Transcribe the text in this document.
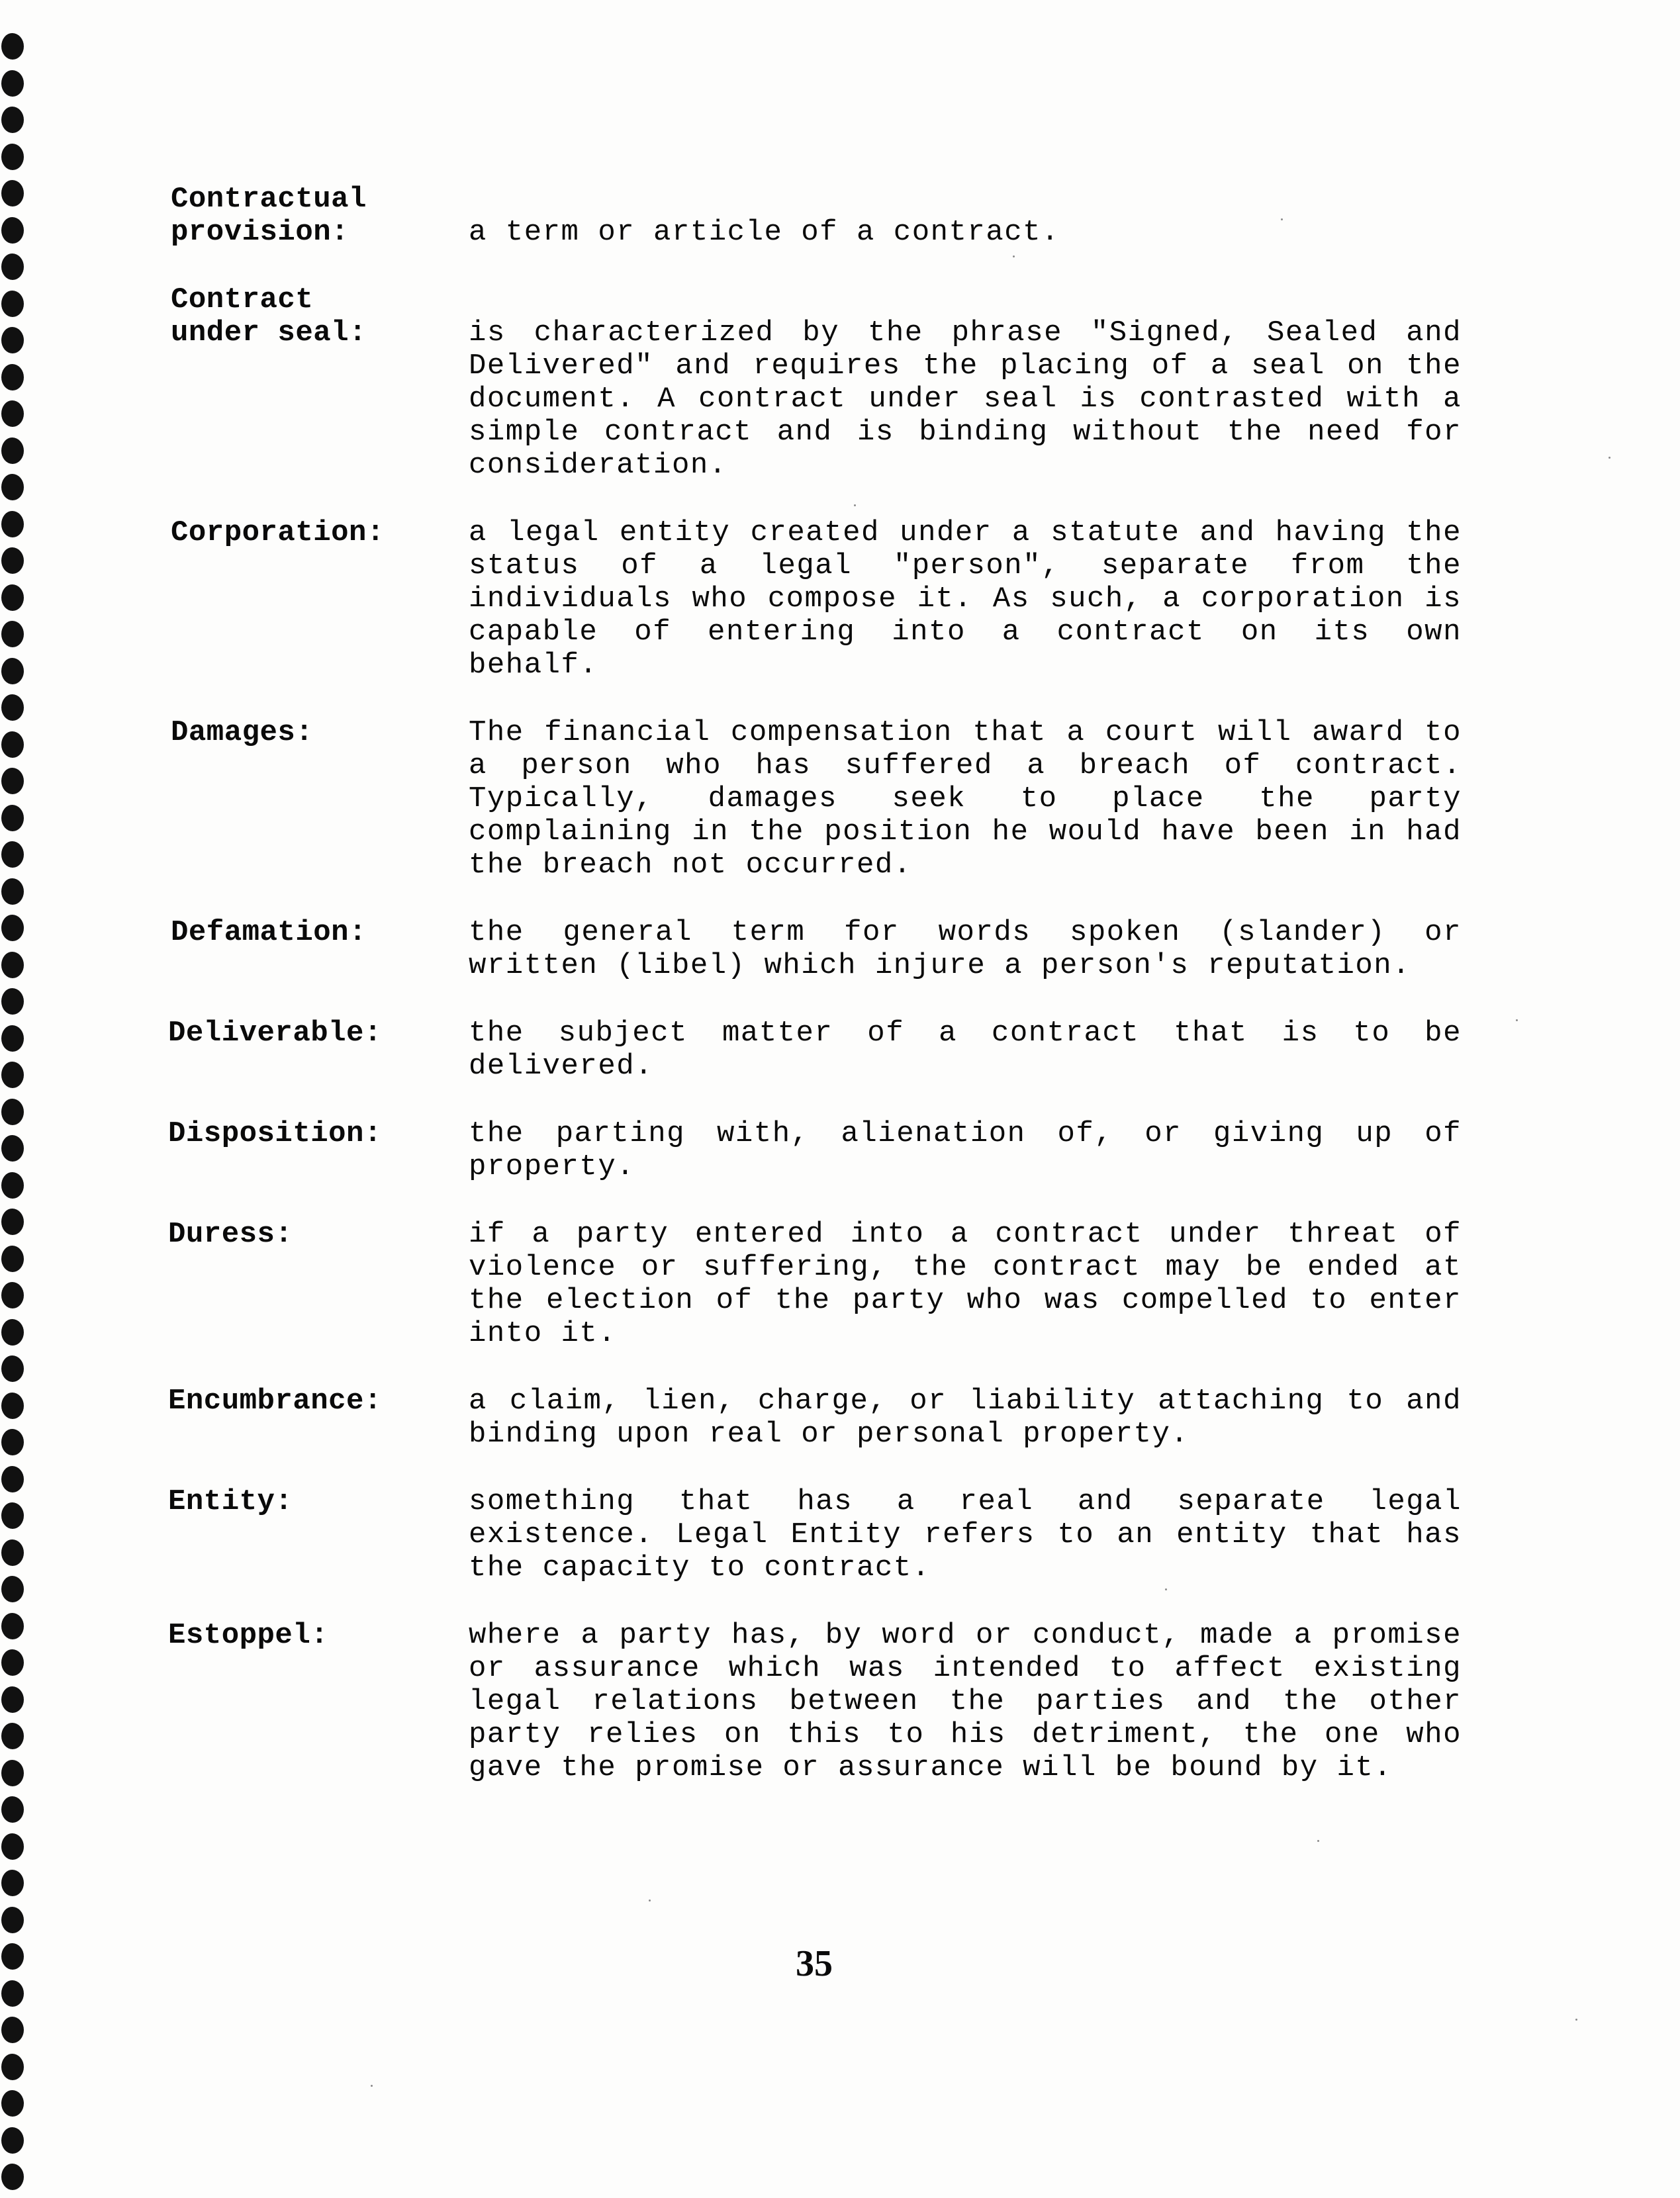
Contractual
provision:	a term or article of a contract.
Contract
under seal:	is characterized by the phrase "Signed, Sealed and Delivered" and requires the placing of a seal on the document. A contract under seal is contrasted with a simple contract and is binding without the need for consideration.
Corporation:	a legal entity created under a statute and having the status of a legal "person", separate from the individuals who compose it. As such, a corporation is capable of entering into a contract on its own behalf.
Damages:	The financial compensation that a court will award to a person who has suffered a breach of contract. Typically, damages seek to place the party complaining in the position he would have been in had the breach not occurred.
Defamation:	the general term for words spoken (slander) or written (libel) which injure a person's reputation.
Deliverable:	the subject matter of a contract that is to be delivered.
Disposition:	the parting with, alienation of, or giving up of property.
Duress:	if a party entered into a contract under threat of violence or suffering, the contract may be ended at the election of the party who was compelled to enter into it.
Encumbrance:	a claim, lien, charge, or liability attaching to and binding upon real or personal property.
Entity:	something that has a real and separate legal existence. Legal Entity refers to an entity that has the capacity to contract.
Estoppel:	where a party has, by word or conduct, made a promise or assurance which was intended to affect existing legal relations between the parties and the other party relies on this to his detriment, the one who gave the promise or assurance will be bound by it.
35
